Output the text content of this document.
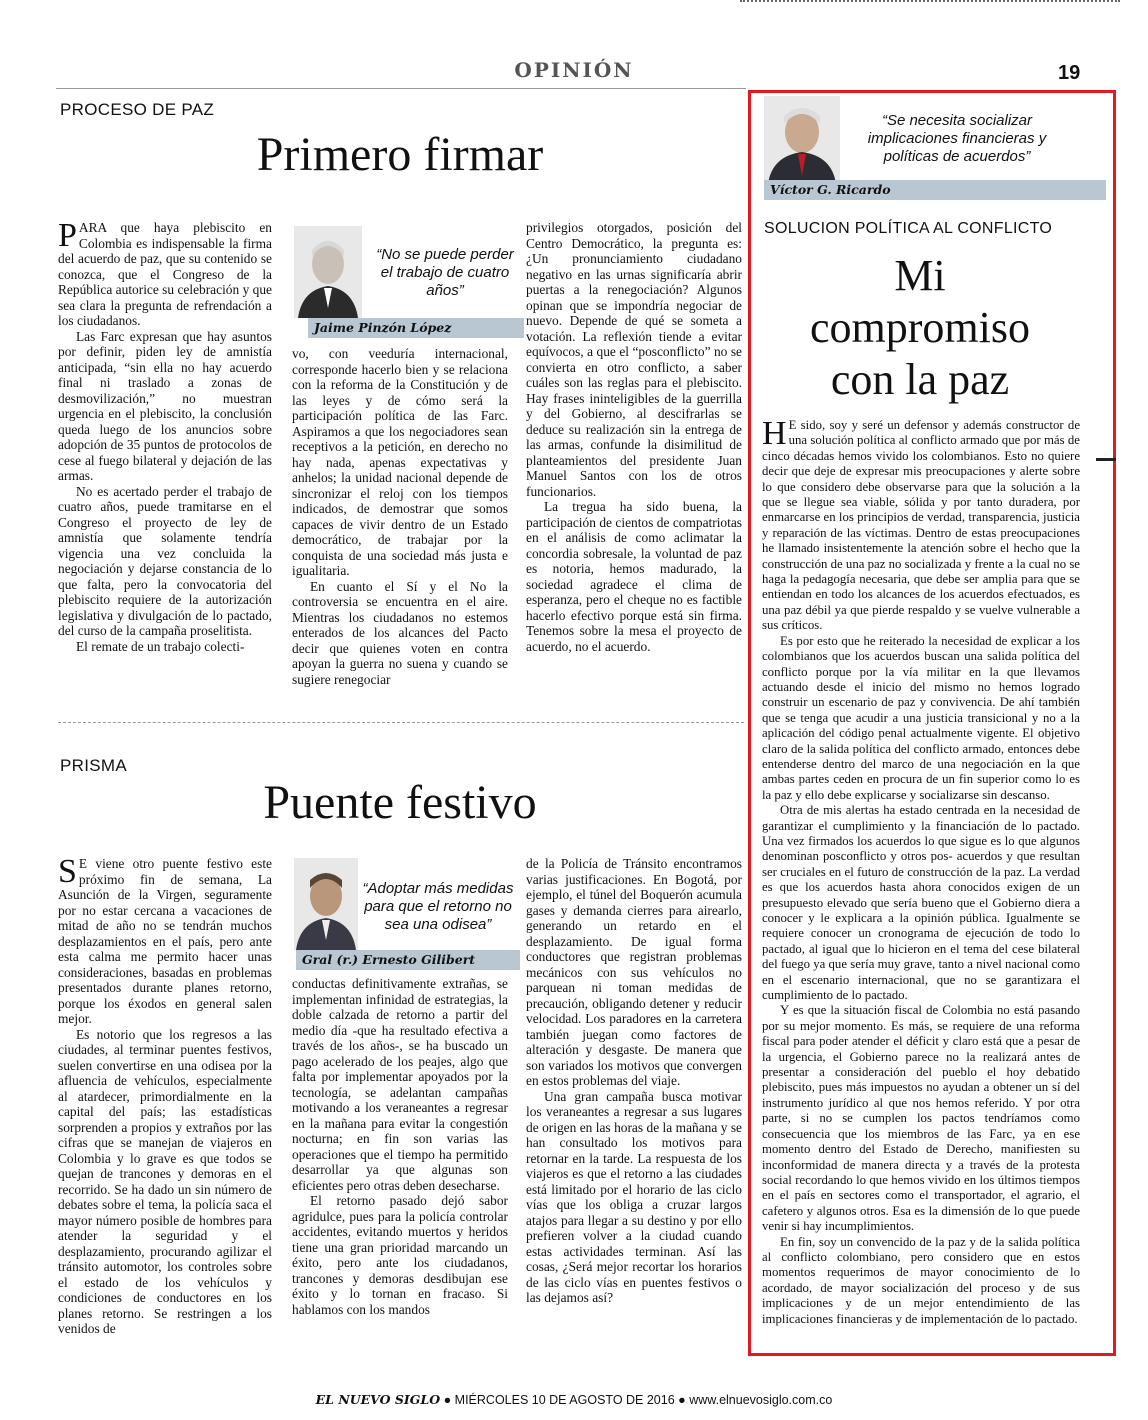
OPINIÓN	19
PROCESO DE PAZ
Primero firmar

PARA que haya plebiscito en Colombia es indispensable la firma del acuerdo de paz, que su contenido se conozca, que el Congreso de la República autorice su celebración y que sea clara la pregunta de refrendación a los ciudadanos.

Las Farc expresan que hay asuntos por definir, piden ley de amnistía anticipada, “sin ella no hay acuerdo final ni traslado a zonas de desmovilización,” no muestran urgencia en el plebiscito, la conclusión queda luego de los anuncios sobre adopción de 35 puntos de protocolos de cese al fuego bilateral y dejación de las armas.

No es acertado perder el trabajo de cuatro años, puede tramitarse en el Congreso el proyecto de ley de amnistía que solamente tendría vigencia una vez concluida la negociación y dejarse constancia de lo que falta, pero la convocatoria del plebiscito requiere de la autorización legislativa y divulgación de lo pactado, del curso de la campaña proselitista.

El remate de un trabajo colecti-

“No se puede perder el trabajo de cuatro años”
Jaime Pinzón López

vo, con veeduría internacional, corresponde hacerlo bien y se relaciona con la reforma de la Constitución y de las leyes y de cómo será la participación política de las Farc. Aspiramos a que los negociadores sean receptivos a la petición, en derecho no hay nada, apenas expectativas y anhelos; la unidad nacional depende de sincronizar el reloj con los tiempos indicados, de demostrar que somos capaces de vivir dentro de un Estado democrático, de trabajar por la conquista de una sociedad más justa e igualitaria.

En cuanto el Sí y el No la controversia se encuentra en el aire. Mientras los ciudadanos no estemos enterados de los alcances del Pacto decir que quienes voten en contra apoyan la guerra no suena y cuando se sugiere renegociar

privilegios otorgados, posición del Centro Democrático, la pregunta es: ¿Un pronunciamiento ciudadano negativo en las urnas significaría abrir puertas a la renegociación? Algunos opinan que se impondría negociar de nuevo. Depende de qué se someta a votación. La reflexión tiende a evitar equívocos, a que el “posconflicto” no se convierta en otro conflicto, a saber cuáles son las reglas para el plebiscito. Hay frases ininteligibles de la guerrilla y del Gobierno, al descifrarlas se deduce su realización sin la entrega de las armas, confunde la disimilitud de planteamientos del presidente Juan Manuel Santos con los de otros funcionarios.

La tregua ha sido buena, la participación de cientos de compatriotas en el análisis de como aclimatar la concordia sobresale, la voluntad de paz es notoria, hemos madurado, la sociedad agradece el clima de esperanza, pero el cheque no es factible hacerlo efectivo porque está sin firma. Tenemos sobre la mesa el proyecto de acuerdo, no el acuerdo.

PRISMA
Puente festivo

S E viene otro puente festivo este próximo fin de semana, La Asunción de la Virgen, seguramente por no estar cercana a vacaciones de mitad de año no se tendrán muchos desplazamientos en el país, pero ante esta calma me permito hacer unas consideraciones, basadas en problemas presentados durante planes retorno, porque los éxodos en general salen mejor.

Es notorio que los regresos a las ciudades, al terminar puentes festivos, suelen convertirse en una odisea por la afluencia de vehículos, especialmente al atardecer, primordialmente en la capital del país; las estadísticas sorprenden a propios y extraños por las cifras que se manejan de viajeros en Colombia y lo grave es que todos se quejan de trancones y demoras en el recorrido. Se ha dado un sin número de debates sobre el tema, la policía saca el mayor número posible de hombres para atender la seguridad y el desplazamiento, procurando agilizar el tránsito automotor, los controles sobre el estado de los vehículos y condiciones de conductores en los planes retorno. Se restringen a los venidos de

“Adoptar más medidas para que el retorno no sea una odisea”
Gral (r.) Ernesto Gilibert

conductas definitivamente extrañas, se implementan infinidad de estrategias, la doble calzada de retorno a partir del medio día -que ha resultado efectiva a través de los años-, se ha buscado un pago acelerado de los peajes, algo que falta por implementar apoyados por la tecnología, se adelantan campañas motivando a los veraneantes a regresar en la mañana para evitar la congestión nocturna; en fin son varias las operaciones que el tiempo ha permitido desarrollar ya que algunas son eficientes pero otras deben desecharse.

El retorno pasado dejó sabor agridulce, pues para la policía controlar accidentes, evitando muertos y heridos tiene una gran prioridad marcando un éxito, pero ante los ciudadanos, trancones y demoras desdibujan ese éxito y lo tornan en fracaso. Si hablamos con los mandos

de la Policía de Tránsito encontramos varias justificaciones. En Bogotá, por ejemplo, el túnel del Boquerón acumula gases y demanda cierres para airearlo, generando un retardo en el desplazamiento. De igual forma conductores que registran problemas mecánicos con sus vehículos no parquean ni toman medidas de precaución, obligando detener y reducir velocidad. Los paradores en la carretera también juegan como factores de alteración y desgaste. De manera que son variados los motivos que convergen en estos problemas del viaje.

Una gran campaña busca motivar los veraneantes a regresar a sus lugares de origen en las horas de la mañana y se han consultado los motivos para retornar en la tarde. La respuesta de los viajeros es que el retorno a las ciudades está limitado por el horario de las ciclo vías que los obliga a cruzar largos atajos para llegar a su destino y por ello prefieren volver a la ciudad cuando estas actividades terminan. Así las cosas, ¿Será mejor recortar los horarios de las ciclo vías en puentes festivos o las dejamos así?

“Se necesita socializar implicaciones financieras y políticas de acuerdos”
Víctor G. Ricardo
SOLUCION POLÍTICA AL CONFLICTO
Mi
compromiso
con la paz

H E sido, soy y seré un defensor y además constructor de una solución política al conflicto armado que por más de cinco décadas hemos vivido los colombianos. Esto no quiere decir que deje de expresar mis preocupaciones y alerte sobre lo que considero debe observarse para que la solución a la que se llegue sea viable, sólida y por tanto duradera, por enmarcarse en los principios de verdad, transparencia, justicia y reparación de las víctimas. Dentro de estas preocupaciones he llamado insistentemente la atención sobre el hecho que la construcción de una paz no socializada y frente a la cual no se haga la pedagogía necesaria, que debe ser amplia para que se entiendan en todo los alcances de los acuerdos efectuados, es una paz débil ya que pierde respaldo y se vuelve vulnerable a sus críticos.

Es por esto que he reiterado la necesidad de explicar a los colombianos que los acuerdos buscan una salida política del conflicto porque por la vía militar en la que llevamos actuando desde el inicio del mismo no hemos logrado construir un escenario de paz y convivencia. De ahí también que se tenga que acudir a una justicia transicional y no a la aplicación del código penal actualmente vigente. El objetivo claro de la salida política del conflicto armado, entonces debe entenderse dentro del marco de una negociación en la que ambas partes ceden en procura de un fin superior como lo es la paz y ello debe explicarse y socializarse sin descanso.

Otra de mis alertas ha estado centrada en la necesidad de garantizar el cumplimiento y la financiación de lo pactado. Una vez firmados los acuerdos lo que sigue es lo que algunos denominan posconflicto y otros pos- acuerdos y que resultan ser cruciales en el futuro de construcción de la paz. La verdad es que los acuerdos hasta ahora conocidos exigen de un presupuesto elevado que sería bueno que el Gobierno diera a conocer y le explicara a la opinión pública. Igualmente se requiere conocer un cronograma de ejecución de todo lo pactado, al igual que lo hicieron en el tema del cese bilateral del fuego ya que sería muy grave, tanto a nivel nacional como en el escenario internacional, que no se garantizara el cumplimiento de lo pactado.

Y es que la situación fiscal de Colombia no está pasando por su mejor momento. Es más, se requiere de una reforma fiscal para poder atender el déficit y claro está que a pesar de la urgencia, el Gobierno parece no la realizará antes de presentar a consideración del pueblo el hoy debatido plebiscito, pues más impuestos no ayudan a obtener un sí del instrumento jurídico al que nos hemos referido. Y por otra parte, si no se cumplen los pactos tendríamos como consecuencia que los miembros de las Farc, ya en ese momento dentro del Estado de Derecho, manifiesten su inconformidad de manera directa y a través de la protesta social recordando lo que hemos vivido en los últimos tiempos en el país en sectores como el transportador, el agrario, el cafetero y algunos otros. Esa es la dimensión de lo que puede venir si hay incumplimientos.

En fin, soy un convencido de la paz y de la salida política al conflicto colombiano, pero considero que en estos momentos requerimos de mayor conocimiento de lo acordado, de mayor socialización del proceso y de sus implicaciones y de un mejor entendimiento de las implicaciones financieras y de implementación de lo pactado.

EL NUEVO SIGLO ● MIÉRCOLES 10 DE AGOSTO DE 2016 ● www.elnuevosiglo.com.co
